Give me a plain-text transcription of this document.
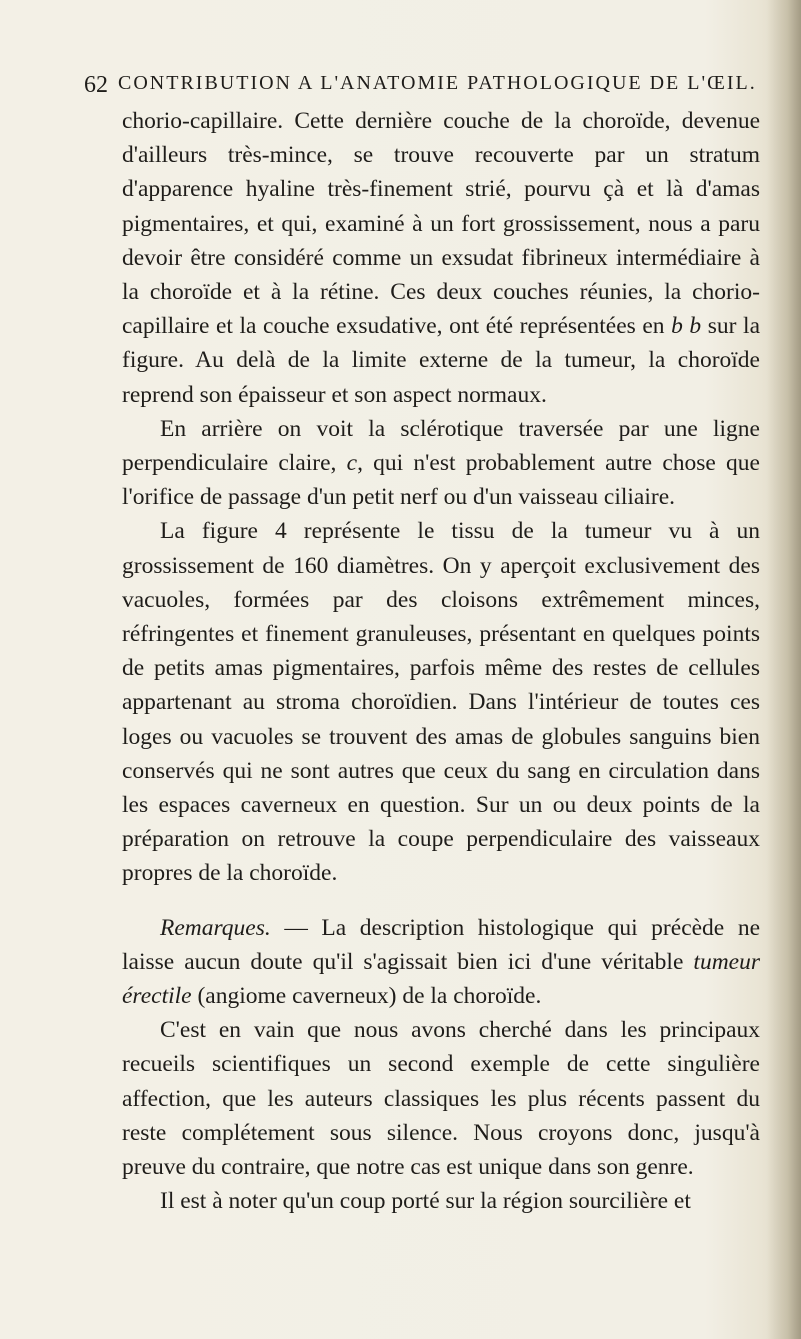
62 CONTRIBUTION A L'ANATOMIE PATHOLOGIQUE DE L'ŒIL.

chorio-capillaire. Cette dernière couche de la choroïde, devenue d'ailleurs très-mince, se trouve recouverte par un stratum d'apparence hyaline très-finement strié, pourvu çà et là d'amas pigmentaires, et qui, examiné à un fort grossissement, nous a paru devoir être considéré comme un exsudat fibrineux intermédiaire à la choroïde et à la rétine. Ces deux couches réunies, la chorio-capillaire et la couche exsudative, ont été représentées en b b sur la figure. Au delà de la limite externe de la tumeur, la choroïde reprend son épaisseur et son aspect normaux.

En arrière on voit la sclérotique traversée par une ligne perpendiculaire claire, c, qui n'est probablement autre chose que l'orifice de passage d'un petit nerf ou d'un vaisseau ciliaire.

La figure 4 représente le tissu de la tumeur vu à un grossissement de 160 diamètres. On y aperçoit exclusivement des vacuoles, formées par des cloisons extrêmement minces, réfringentes et finement granuleuses, présentant en quelques points de petits amas pigmentaires, parfois même des restes de cellules appartenant au stroma choroïdien. Dans l'intérieur de toutes ces loges ou vacuoles se trouvent des amas de globules sanguins bien conservés qui ne sont autres que ceux du sang en circulation dans les espaces caverneux en question. Sur un ou deux points de la préparation on retrouve la coupe perpendiculaire des vaisseaux propres de la choroïde.

Remarques. — La description histologique qui précède ne laisse aucun doute qu'il s'agissait bien ici d'une véritable tumeur érectile (angiome caverneux) de la choroïde.

C'est en vain que nous avons cherché dans les principaux recueils scientifiques un second exemple de cette singulière affection, que les auteurs classiques les plus récents passent du reste complétement sous silence. Nous croyons donc, jusqu'à preuve du contraire, que notre cas est unique dans son genre.

Il est à noter qu'un coup porté sur la région sourcilière et
